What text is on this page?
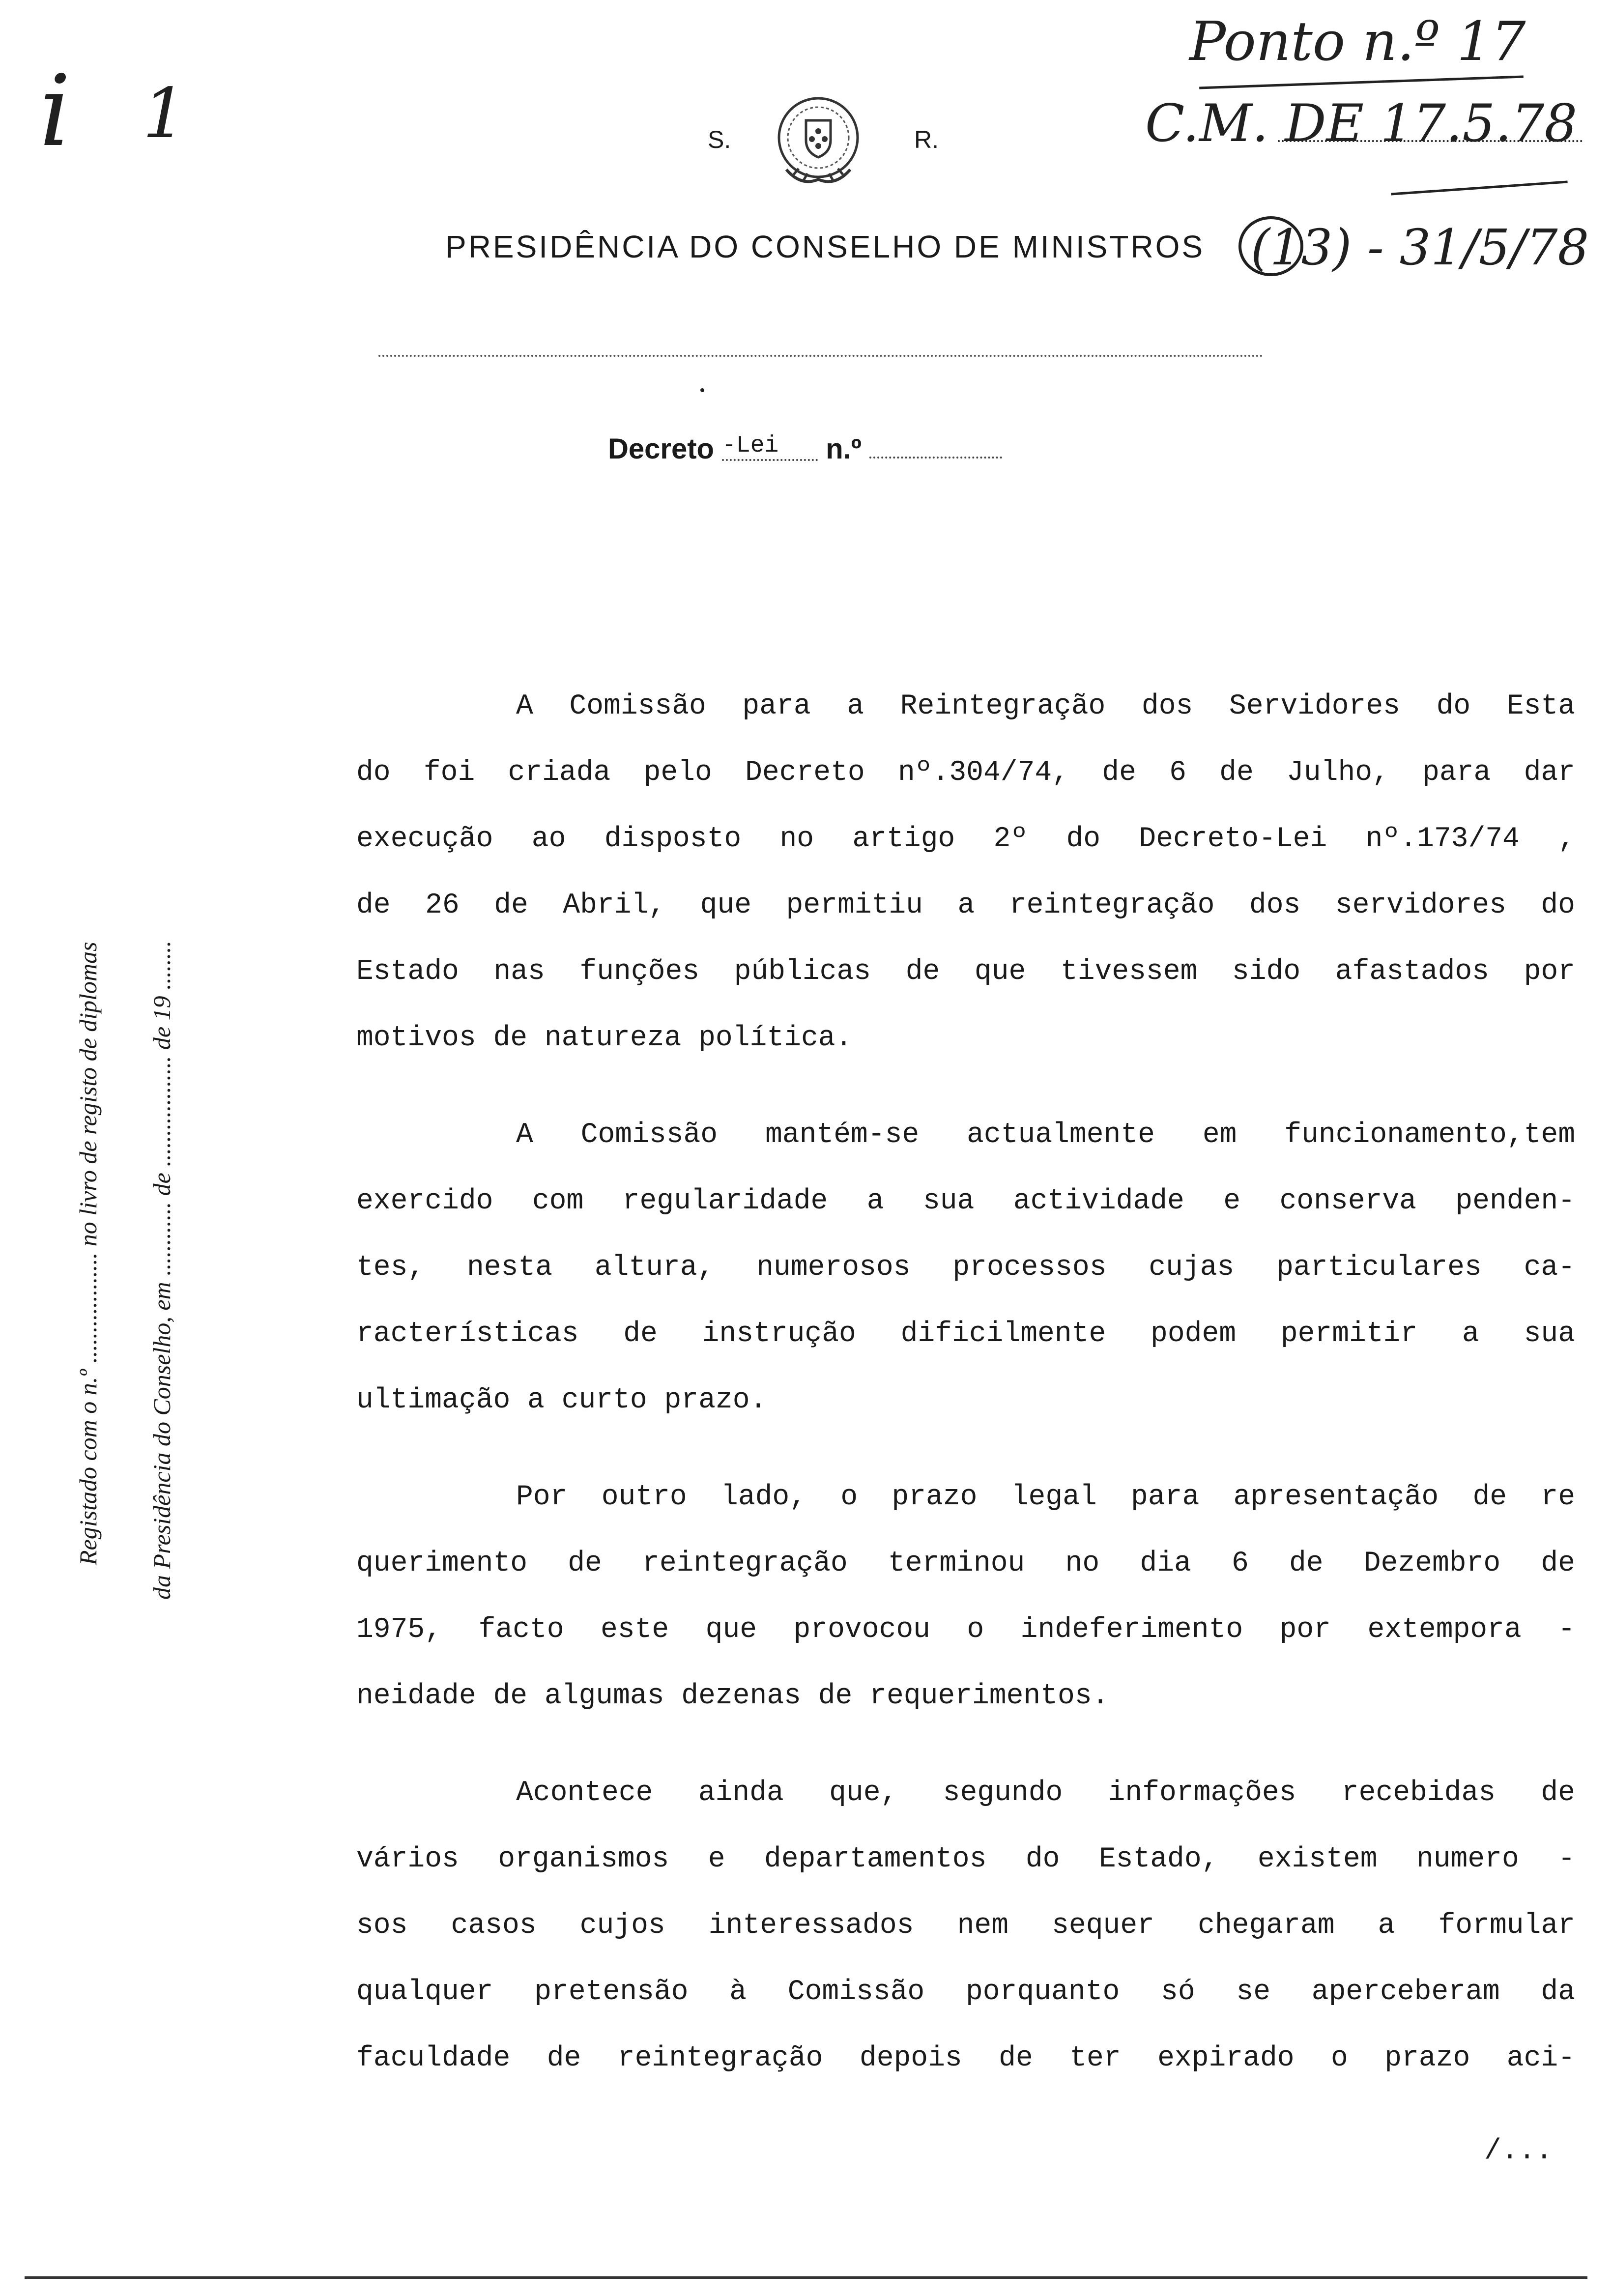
i 1
Ponto n.º 17
C.M. DE 17.5.78
(13) - 31/5/78
S.	R.
PRESIDÊNCIA DO CONSELHO DE MINISTROS
Decreto -Lei n.º
Registado com o n.º .................. no livro de registo de diplomas da Presidência do Conselho, em ............ de .................. de 19 ........
A Comissão para a Reintegração dos Servidores do Esta
do foi criada pelo Decreto nº.304/74, de 6 de Julho, para dar
execução ao disposto no artigo 2º do Decreto-Lei nº.173/74 ,
de 26 de Abril, que permitiu a reintegração dos servidores do
Estado nas funções públicas de que tivessem sido afastados por
motivos de natureza política.
A Comissão mantém-se actualmente em funcionamento,tem
exercido com regularidade a sua actividade e conserva penden-
tes, nesta altura, numerosos processos cujas particulares ca-
racterísticas de instrução dificilmente podem permitir a sua
ultimação a curto prazo.
Por outro lado, o prazo legal para apresentação de re
querimento de reintegração terminou no dia 6 de Dezembro de
1975, facto este que provocou o indeferimento por extempora -
neidade de algumas dezenas de requerimentos.
Acontece ainda que, segundo informações recebidas de
vários organismos e departamentos do Estado, existem numero -
sos casos cujos interessados nem sequer chegaram a formular
qualquer pretensão à Comissão porquanto só se aperceberam da
faculdade de reintegração depois de ter expirado o prazo aci-
/...
